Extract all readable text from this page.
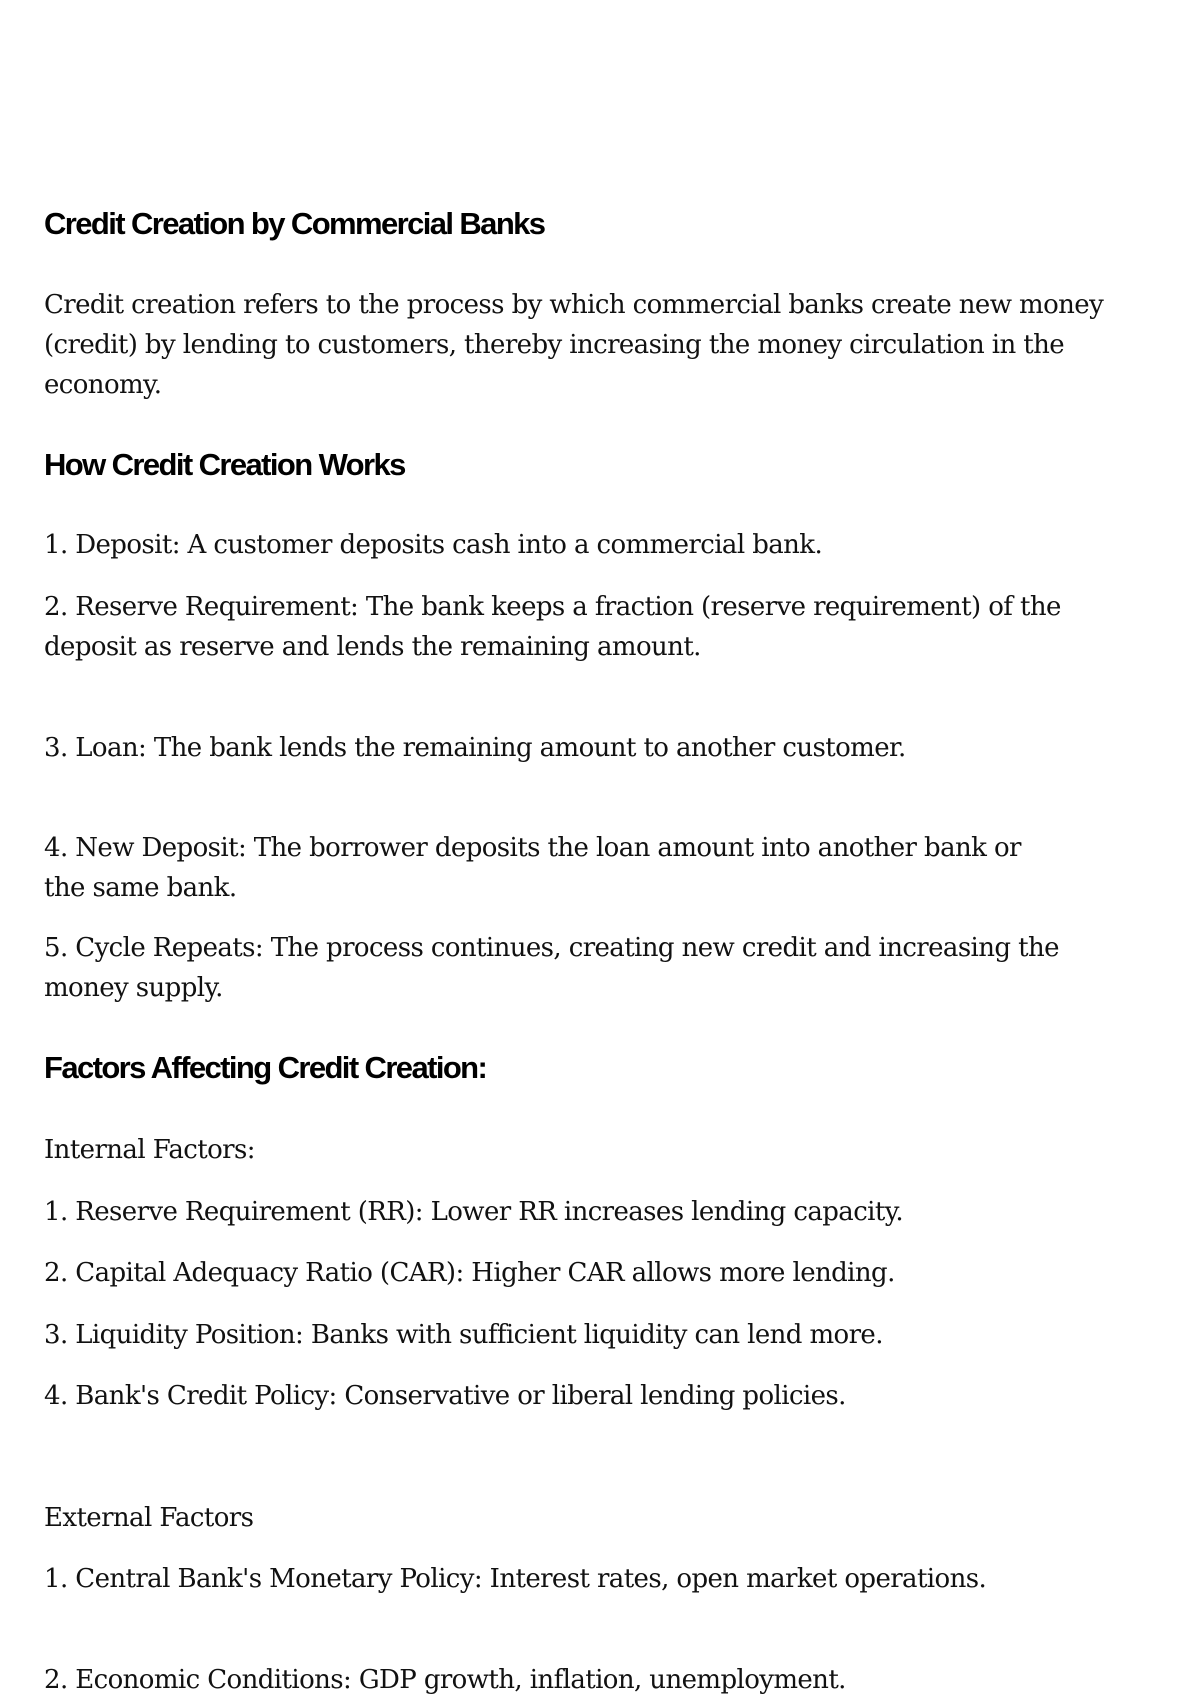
Credit Creation by Commercial Banks
Credit creation refers to the process by which commercial banks create new money (credit) by lending to customers, thereby increasing the money circulation in the economy.
How Credit Creation Works
1. Deposit: A customer deposits cash into a commercial bank.
2. Reserve Requirement: The bank keeps a fraction (reserve requirement) of the deposit as reserve and lends the remaining amount.
3. Loan: The bank lends the remaining amount to another customer.
4. New Deposit: The borrower deposits the loan amount into another bank or the same bank.
5. Cycle Repeats: The process continues, creating new credit and increasing the money supply.
Factors Affecting Credit Creation:
Internal Factors:
1. Reserve Requirement (RR): Lower RR increases lending capacity.
2. Capital Adequacy Ratio (CAR): Higher CAR allows more lending.
3. Liquidity Position: Banks with sufficient liquidity can lend more.
4. Bank's Credit Policy: Conservative or liberal lending policies.
External Factors
1. Central Bank's Monetary Policy: Interest rates, open market operations.
2. Economic Conditions: GDP growth, inflation, unemployment.
